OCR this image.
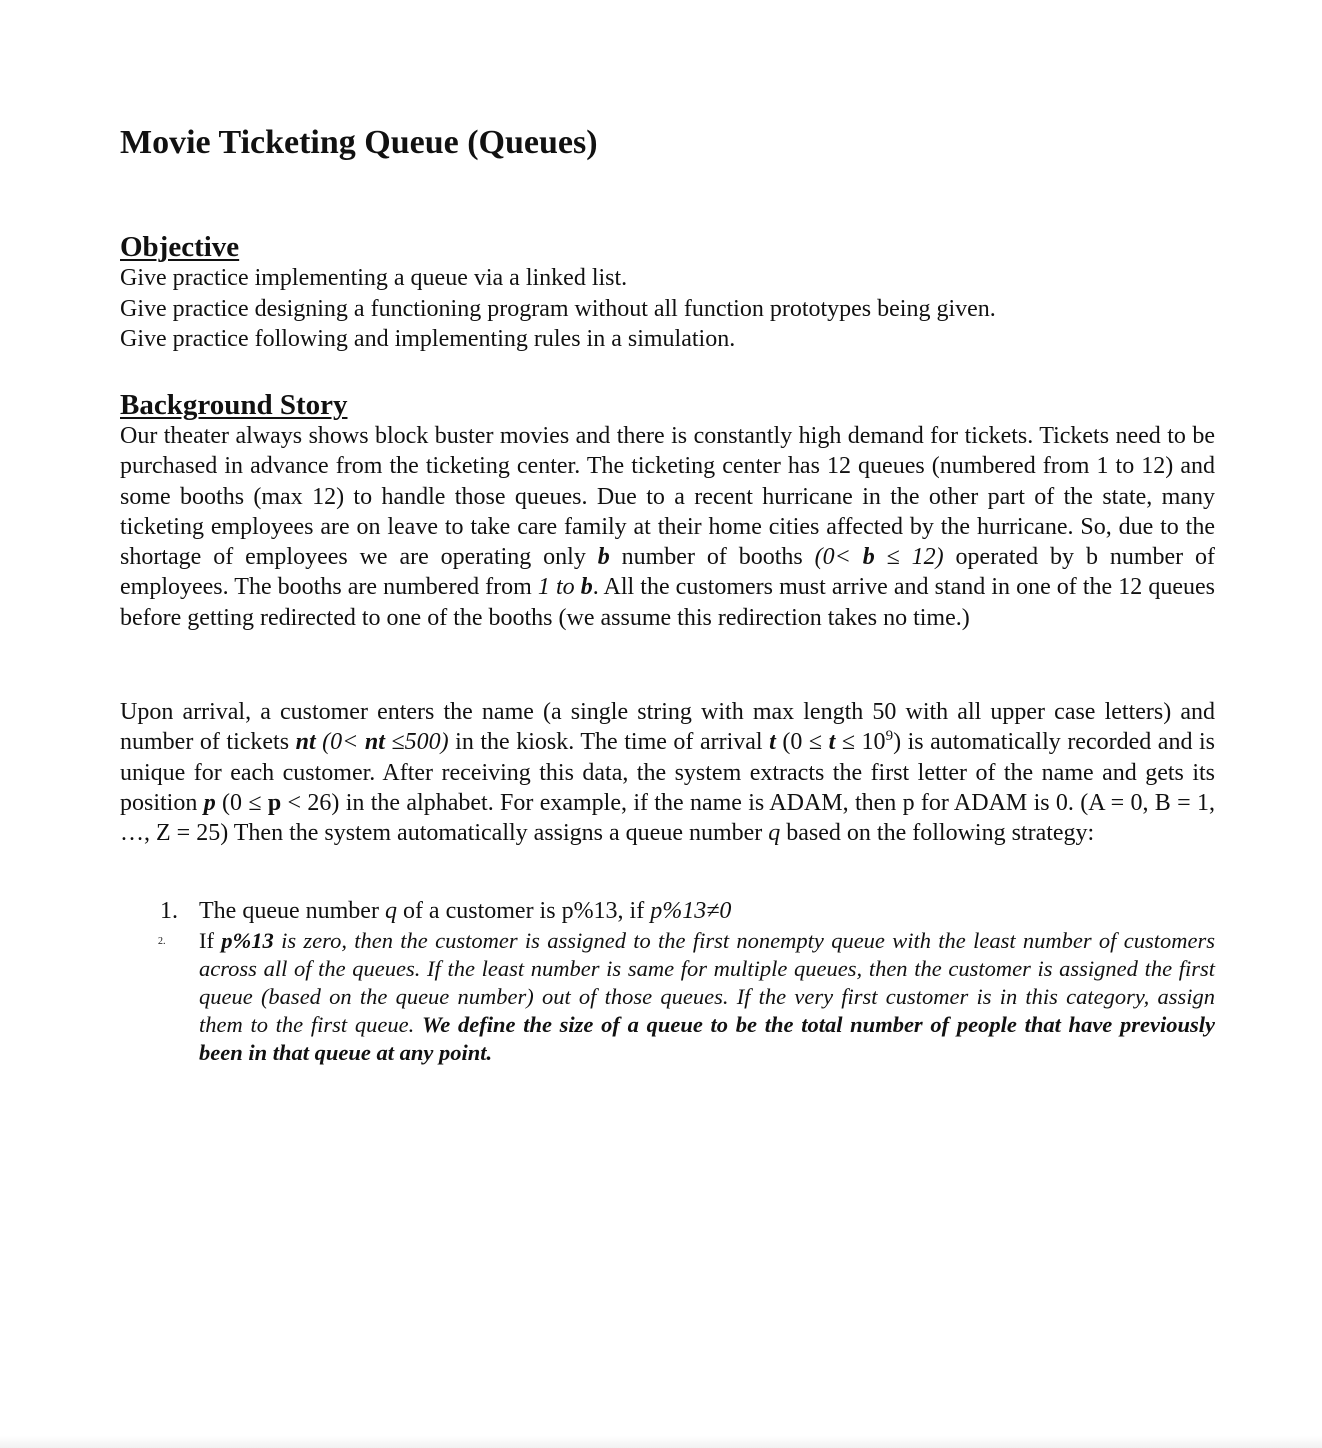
Movie Ticketing Queue (Queues)
Objective
Give practice implementing a queue via a linked list.
Give practice designing a functioning program without all function prototypes being given.
Give practice following and implementing rules in a simulation.
Background Story

Our theater always shows block buster movies and there is constantly high demand for tickets. Tickets need to be purchased in advance from the ticketing center. The ticketing center has 12 queues (numbered from 1 to 12) and some booths (max 12) to handle those queues. Due to a recent hurricane in the other part of the state, many ticketing employees are on leave to take care family at their home cities affected by the hurricane. So, due to the shortage of employees we are operating only b number of booths (0< b ≤ 12) operated by b number of employees. The booths are numbered from 1 to b. All the customers must arrive and stand in one of the 12 queues before getting redirected to one of the booths (we assume this redirection takes no time.)

Upon arrival, a customer enters the name (a single string with max length 50 with all upper case letters) and number of tickets nt (0< nt ≤500) in the kiosk. The time of arrival t $(0 \le t \le 10^9)$ is automatically recorded and is unique for each customer. After receiving this data, the system extracts the first letter of the name and gets its position p (0 ≤ p < 26) in the alphabet. For example, if the name is ADAM, then p for ADAM is 0. (A = 0, B = 1, …, Z = 25) Then the system automatically assigns a queue number q based on the following strategy:

1. The queue number q of a customer is p%13, if p%13≠0
2. If p%13 is zero, then the customer is assigned to the first nonempty queue with the least number of customers across all of the queues. If the least number is same for multiple queues, then the customer is assigned the first queue (based on the queue number) out of those queues. If the very first customer is in this category, assign them to the first queue. We define the size of a queue to be the total number of people that have previously been in that queue at any point.
